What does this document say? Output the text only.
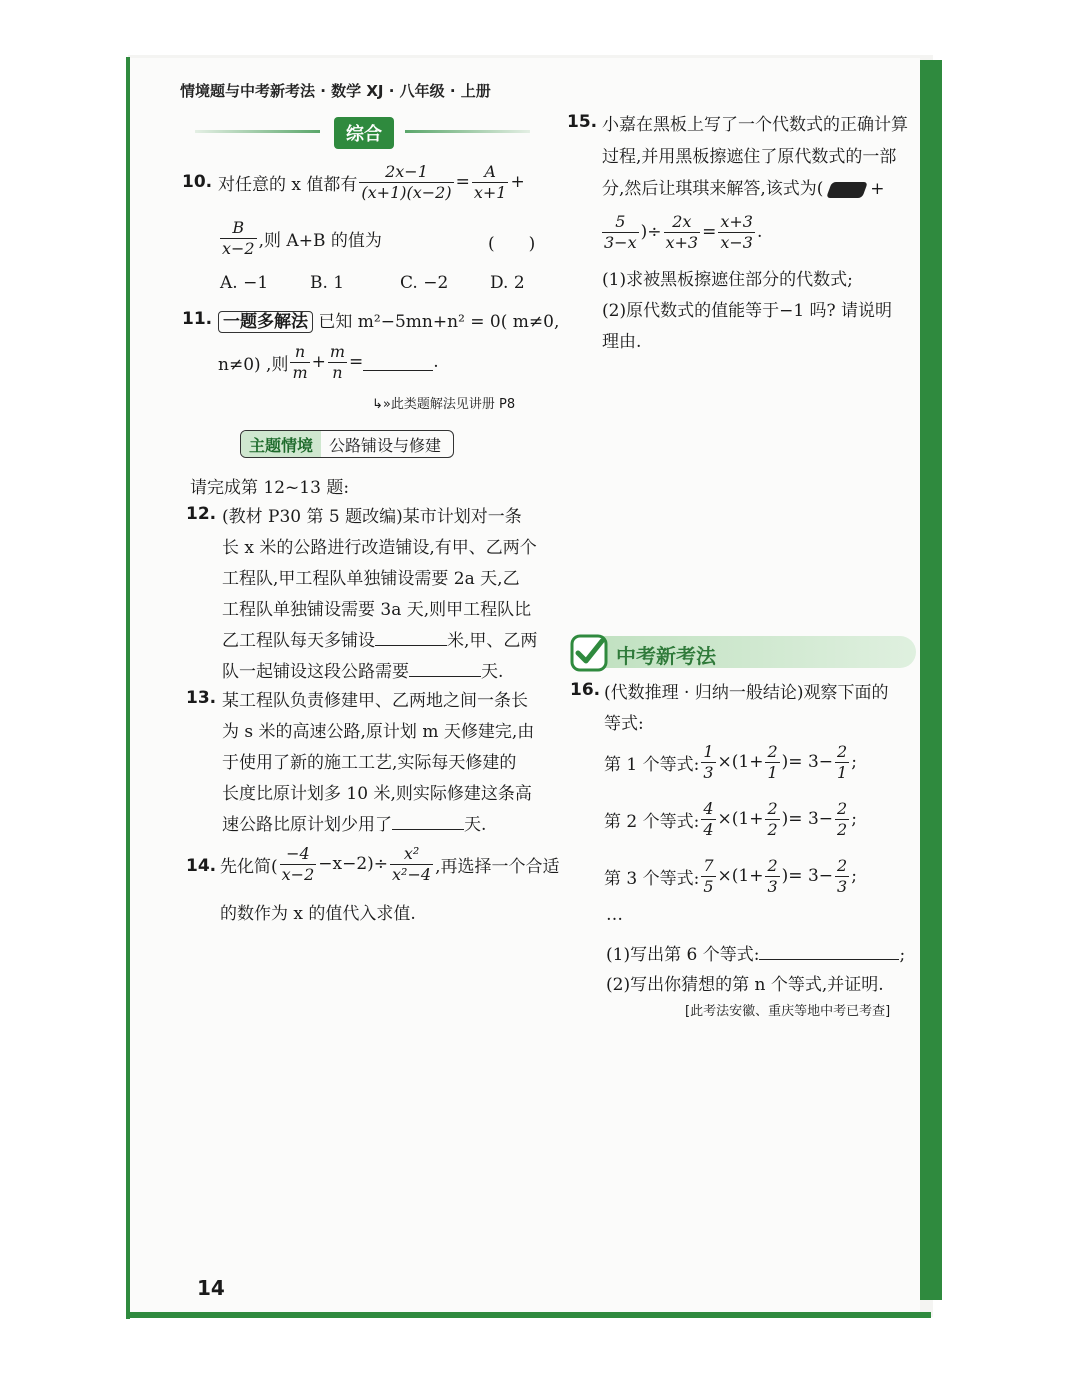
情境题与中考新考法 · 数学 XJ · 八年级 · 上册
综合
10. 对任意的 x 值都有 $\frac{2x-1}{(x+1)(x-2)} = \frac{A}{x+1}$ +
$\frac{B}{x-2}$ ,则 A+B 的值为	(　　)
A. −1 B. 1	C. −2 D. 2
11. 一题多解法 已知 m²−5mn+n² = 0( m≠0,
n≠0) ,则 $\frac{n}{m} + \frac{m}{n}$ =	.
↳»此类题解法见讲册 P8
主题情境	公路铺设与修建
请完成第 12~13 题:
12. (教材 P30 第 5 题改编)某市计划对一条
长 x 米的公路进行改造铺设,有甲、乙两个
工程队,甲工程队单独铺设需要 2a 天,乙
工程队单独铺设需要 3a 天,则甲工程队比
乙工程队每天多铺设	米,甲、乙两
队一起铺设这段公路需要	天.
13. 某工程队负责修建甲、乙两地之间一条长
为 s 米的高速公路,原计划 m 天修建完,由
于使用了新的施工工艺,实际每天修建的
长度比原计划多 10 米,则实际修建这条高
速公路比原计划少用了	天.
14. 先化简( $\frac{-4}{x-2} -x-2)\div \frac{\text{x²}}{\text{x²−4}}$ ,再选择一个合适
的数作为 x 的值代入求值.
15. 小嘉在黑板上写了一个代数式的正确计算
过程,并用黑板擦遮住了原代数式的一部
分,然后让琪琪来解答,该式为(	+
$\frac{5}{3-x}$ )÷ $\frac{2x}{x+3} = \frac{x+3}{x-3}$ .
(1)求被黑板擦遮住部分的代数式;
(2)原代数式的值能等于−1 吗? 请说明
理由.
中考新考法
16. (代数推理 · 归纳一般结论)观察下面的
等式:
第 1 个等式: $\frac{1}{3} \times(1+ \frac{2}{1}$ )= $3- \frac{2}{1}$ ;
第 2 个等式: $\frac{4}{4} \times(1+ \frac{2}{2}$ )= $3- \frac{2}{2}$ ;
第 3 个等式: $\frac{7}{5} \times(1+ \frac{2}{3}$ )= $3- \frac{2}{3}$ ;
…
(1)写出第 6 个等式:	;
(2)写出你猜想的第 n 个等式,并证明.
[此考法安徽、重庆等地中考已考查]
14
